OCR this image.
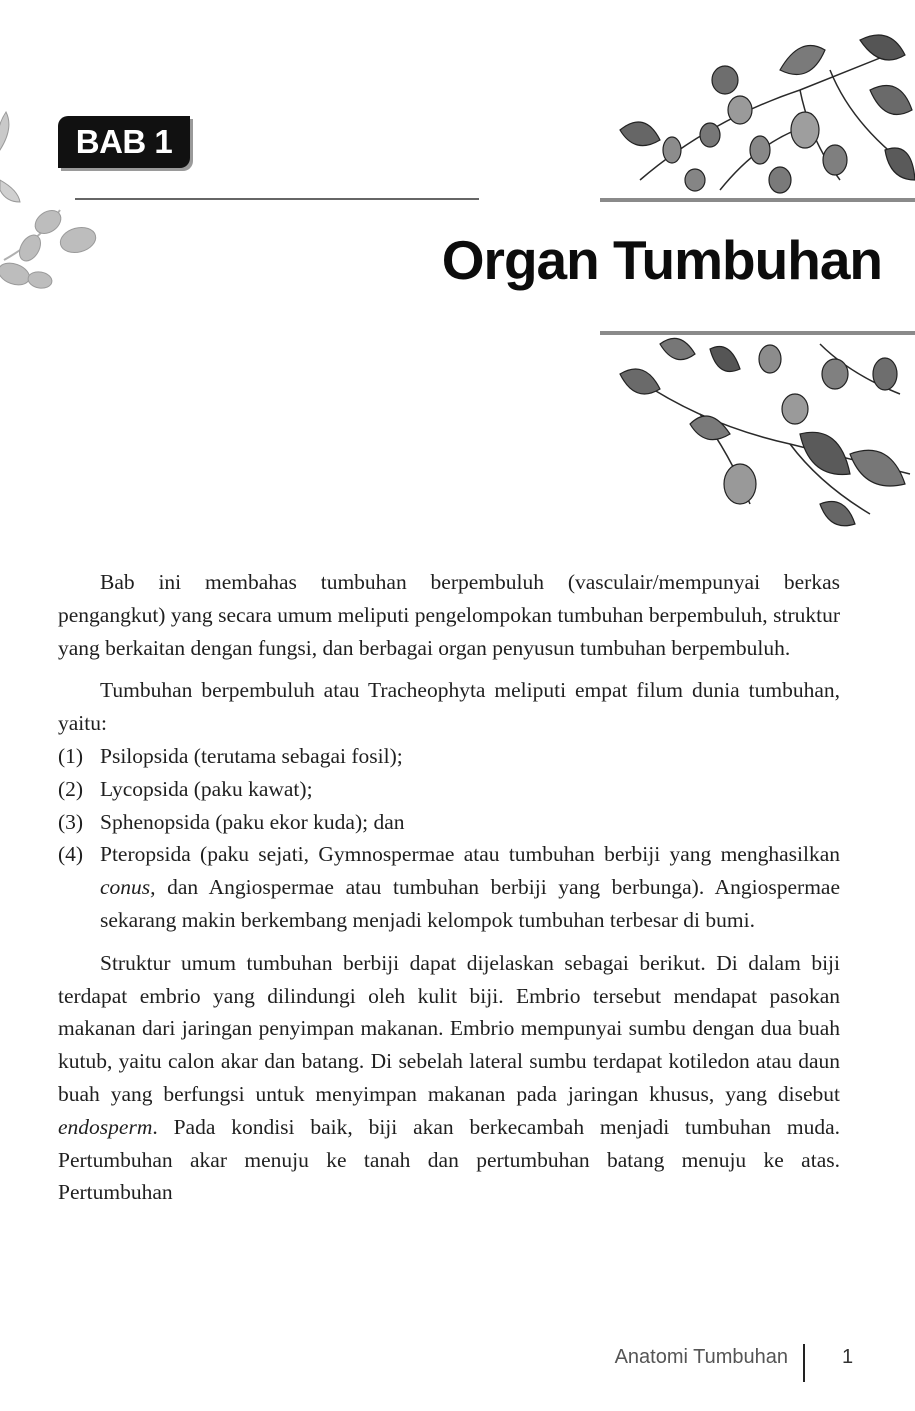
BAB 1
Organ Tumbuhan

Bab ini membahas tumbuhan berpembuluh (vasculair/mempunyai berkas pengangkut) yang secara umum meliputi pengelompokan tumbuhan berpembuluh, struktur yang berkaitan dengan fungsi, dan berbagai organ penyusun tumbuhan berpembuluh.

Tumbuhan berpembuluh atau Tracheophyta meliputi empat filum dunia tumbuhan, yaitu:

(1) Psilopsida (terutama sebagai fosil);
(2) Lycopsida (paku kawat);
(3) Sphenopsida (paku ekor kuda); dan
(4) Pteropsida (paku sejati, Gymnospermae atau tumbuhan berbiji yang menghasilkan conus, dan Angiospermae atau tumbuhan berbiji yang berbunga). Angiospermae sekarang makin berkembang menjadi kelompok tumbuhan terbesar di bumi.

Struktur umum tumbuhan berbiji dapat dijelaskan sebagai berikut. Di dalam biji terdapat embrio yang dilindungi oleh kulit biji. Embrio tersebut mendapat pasokan makanan dari jaringan penyimpan makanan. Embrio mempunyai sumbu dengan dua buah kutub, yaitu calon akar dan batang. Di sebelah lateral sumbu terdapat kotiledon atau daun buah yang berfungsi untuk menyimpan makanan pada jaringan khusus, yang disebut endosperm. Pada kondisi baik, biji akan berkecambah menjadi tumbuhan muda. Pertumbuhan akar menuju ke tanah dan pertumbuhan batang menuju ke atas. Pertumbuhan

Anatomi Tumbuhan	1
